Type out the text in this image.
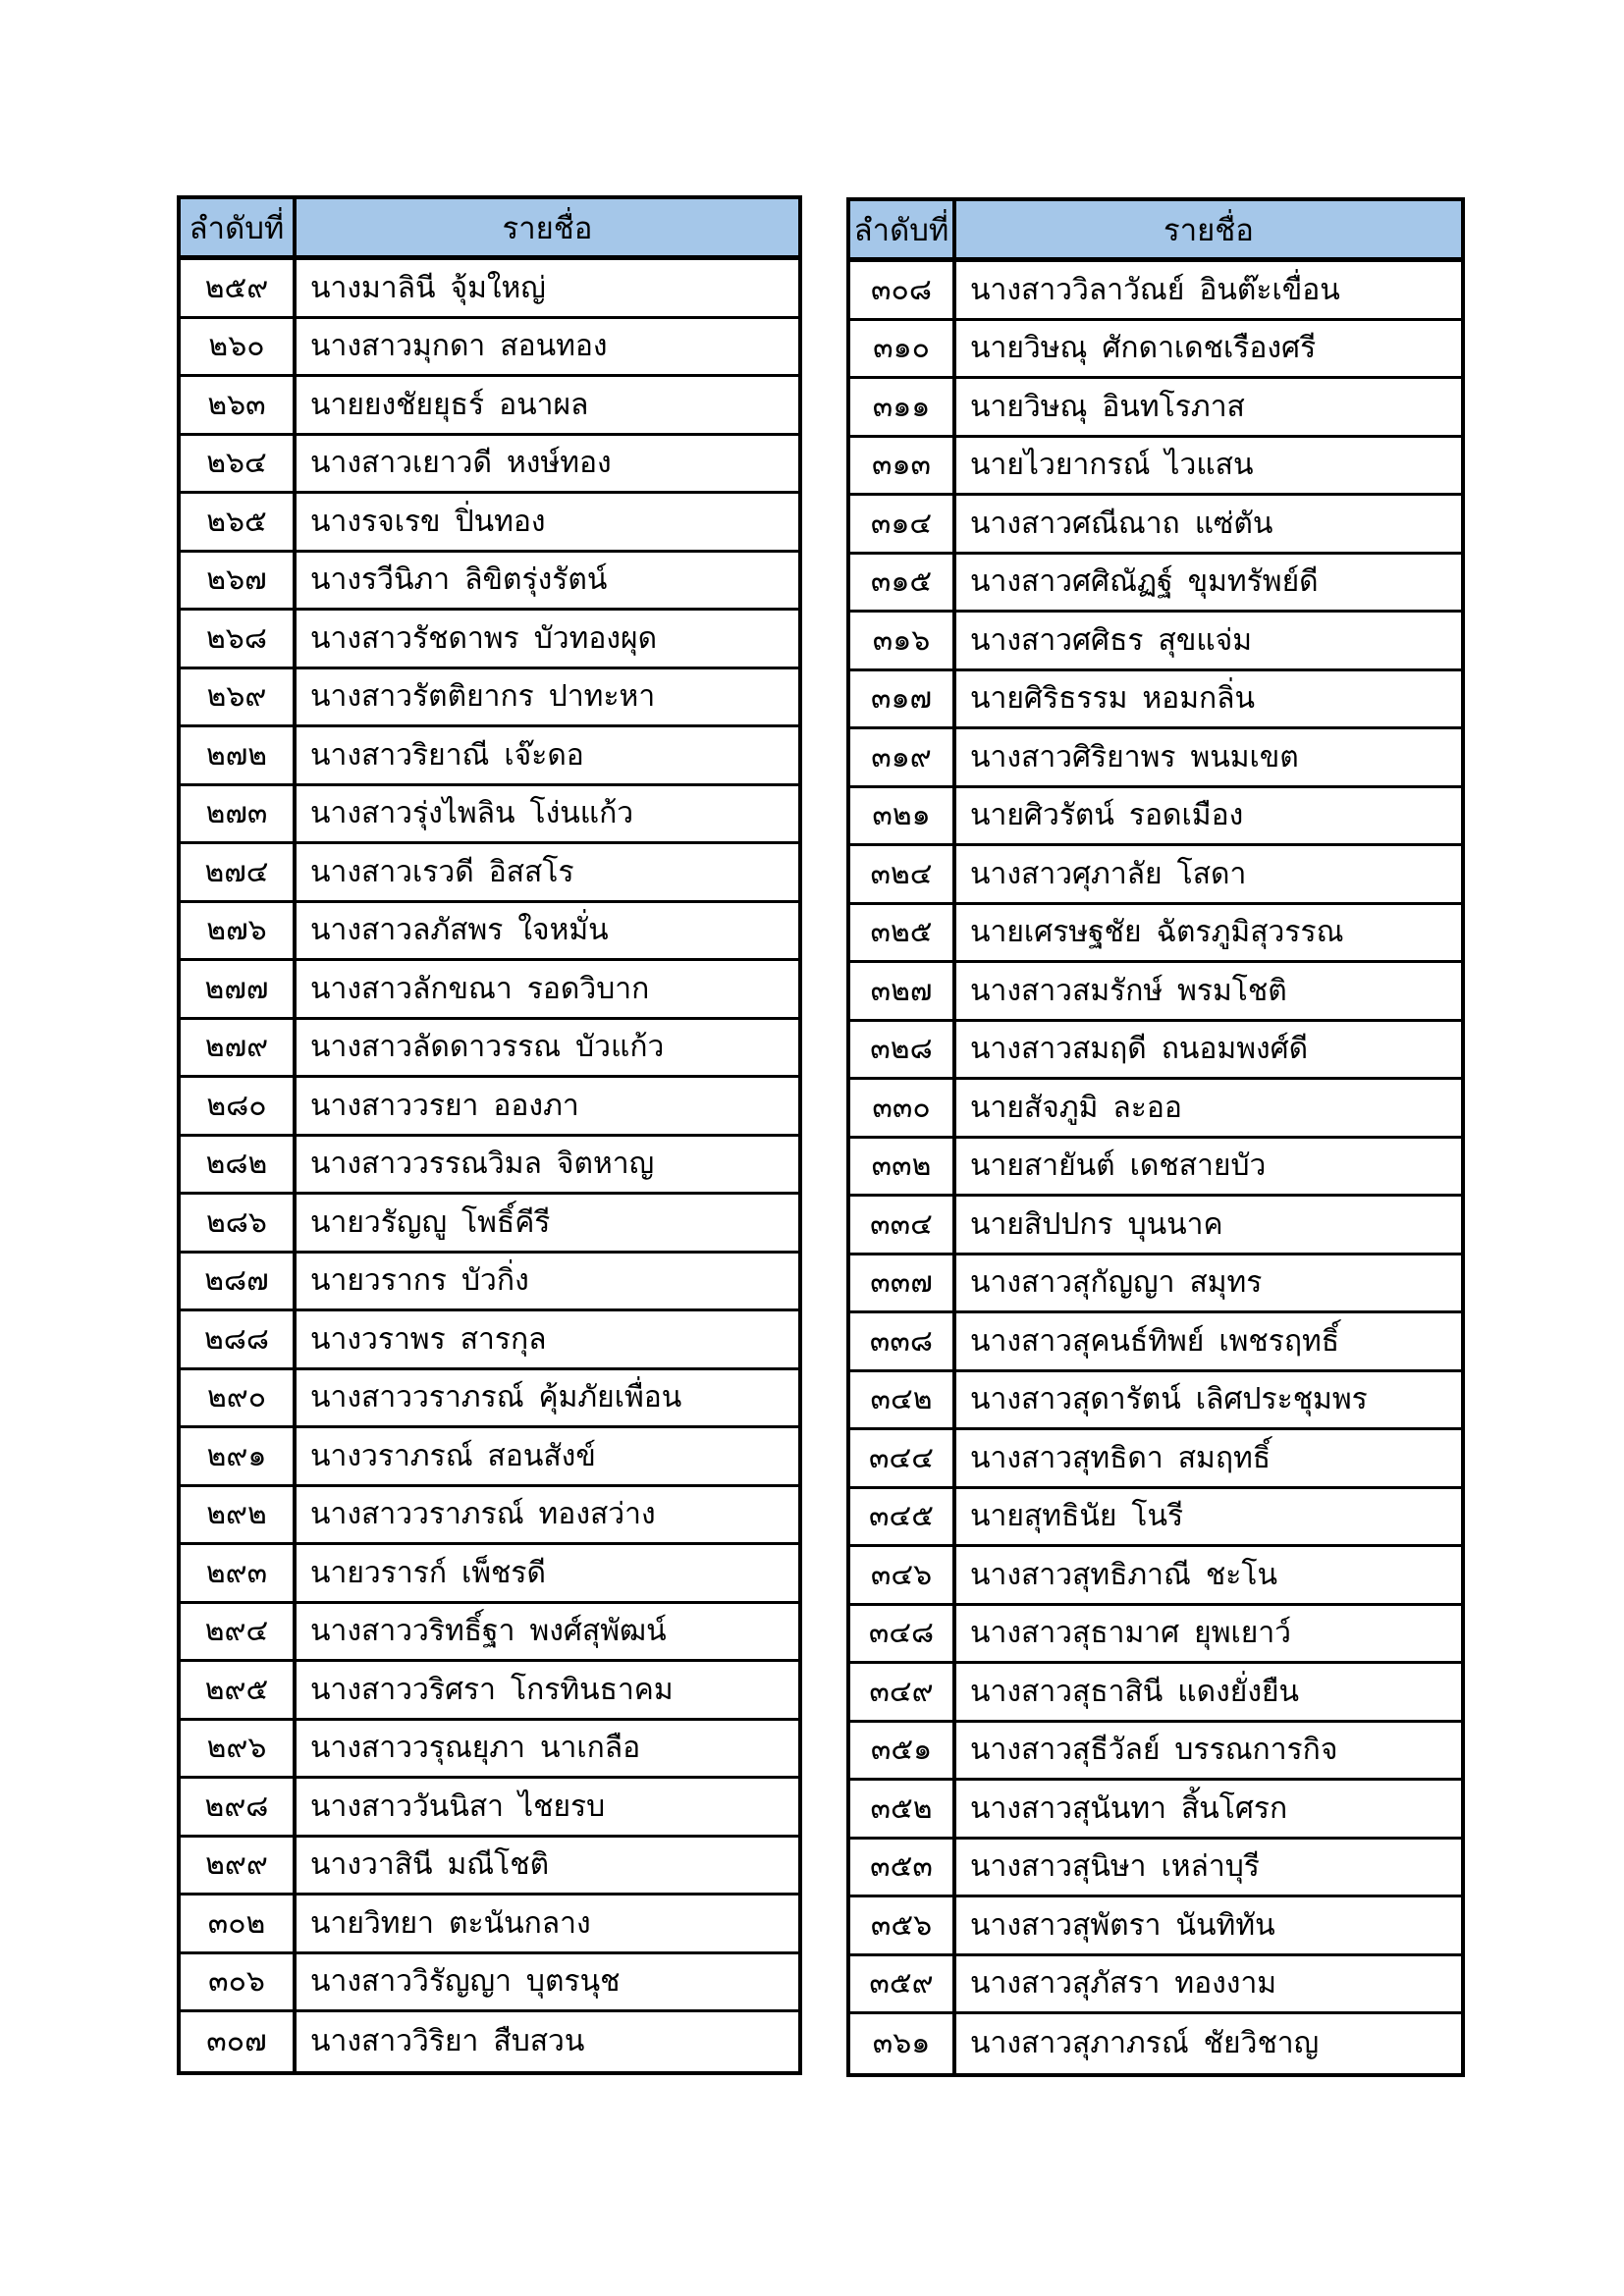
ลำดับที่	รายชื่อ
๒๕๙	นางมาลินี  จุ้มใหญ่
๒๖๐	นางสาวมุกดา  สอนทอง
๒๖๓	นายยงชัยยุธร์  อนาผล
๒๖๔	นางสาวเยาวดี  หงษ์ทอง
๒๖๕	นางรจเรข  ปิ่นทอง
๒๖๗	นางรวีนิภา  ลิขิตรุ่งรัตน์
๒๖๘	นางสาวรัชดาพร  บัวทองผุด
๒๖๙	นางสาวรัตติยากร  ปาทะหา
๒๗๒	นางสาวริยาณี  เจ๊ะดอ
๒๗๓	นางสาวรุ่งไพลิน  โง่นแก้ว
๒๗๔	นางสาวเรวดี  อิสสโร
๒๗๖	นางสาวลภัสพร  ใจหมั่น
๒๗๗	นางสาวลักขณา  รอดวิบาก
๒๗๙	นางสาวลัดดาวรรณ  บัวแก้ว
๒๘๐	นางสาววรยา  อองภา
๒๘๒	นางสาววรรณวิมล  จิตหาญ
๒๘๖	นายวรัญญู  โพธิ์คีรี
๒๘๗	นายวรากร  บัวกิ่ง
๒๘๘	นางวราพร  สารกุล
๒๙๐	นางสาววราภรณ์  คุ้มภัยเพื่อน
๒๙๑	นางวราภรณ์  สอนสังข์
๒๙๒	นางสาววราภรณ์  ทองสว่าง
๒๙๓	นายวรารก์  เพ็ชรดี
๒๙๔	นางสาววริทธิ์ฐา  พงศ์สุพัฒน์
๒๙๕	นางสาววริศรา  โกรทินธาคม
๒๙๖	นางสาววรุณยุภา  นาเกลือ
๒๙๘	นางสาววันนิสา  ไชยรบ
๒๙๙	นางวาสินี  มณีโชติ
๓๐๒	นายวิทยา  ตะนันกลาง
๓๐๖	นางสาววิรัญญา  บุตรนุช
๓๐๗	นางสาววิริยา  สืบสวน
ลำดับที่	รายชื่อ
๓๐๘	นางสาววิลาวัณย์  อินต๊ะเขื่อน
๓๑๐	นายวิษณุ  ศักดาเดชเรืองศรี
๓๑๑	นายวิษณุ  อินทโรภาส
๓๑๓	นายไวยากรณ์  ไวแสน
๓๑๔	นางสาวศณีณาถ  แซ่ตัน
๓๑๕	นางสาวศศิณัฏฐ์  ขุมทรัพย์ดี
๓๑๖	นางสาวศศิธร  สุขแจ่ม
๓๑๗	นายศิริธรรม  หอมกลิ่น
๓๑๙	นางสาวศิริยาพร  พนมเขต
๓๒๑	นายศิวรัตน์  รอดเมือง
๓๒๔	นางสาวศุภาลัย  โสดา
๓๒๕	นายเศรษฐชัย  ฉัตรภูมิสุวรรณ
๓๒๗	นางสาวสมรักษ์  พรมโชติ
๓๒๘	นางสาวสมฤดี  ถนอมพงศ์ดี
๓๓๐	นายสัจภูมิ  ละออ
๓๓๒	นายสายันต์  เดชสายบัว
๓๓๔	นายสิปปกร  บุนนาค
๓๓๗	นางสาวสุกัญญา  สมุทร
๓๓๘	นางสาวสุคนธ์ทิพย์  เพชรฤทธิ์
๓๔๒	นางสาวสุดารัตน์  เลิศประชุมพร
๓๔๔	นางสาวสุทธิดา  สมฤทธิ์
๓๔๕	นายสุทธินัย  โนรี
๓๔๖	นางสาวสุทธิภาณี  ชะโน
๓๔๘	นางสาวสุธามาศ  ยุพเยาว์
๓๔๙	นางสาวสุธาสินี  แดงยั่งยืน
๓๕๑	นางสาวสุธีวัลย์  บรรณการกิจ
๓๕๒	นางสาวสุนันทา  สิ้นโศรก
๓๕๓	นางสาวสุนิษา  เหล่าบุรี
๓๕๖	นางสาวสุพัตรา  นันทิทัน
๓๕๙	นางสาวสุภัสรา  ทองงาม
๓๖๑	นางสาวสุภาภรณ์  ชัยวิชาญ
